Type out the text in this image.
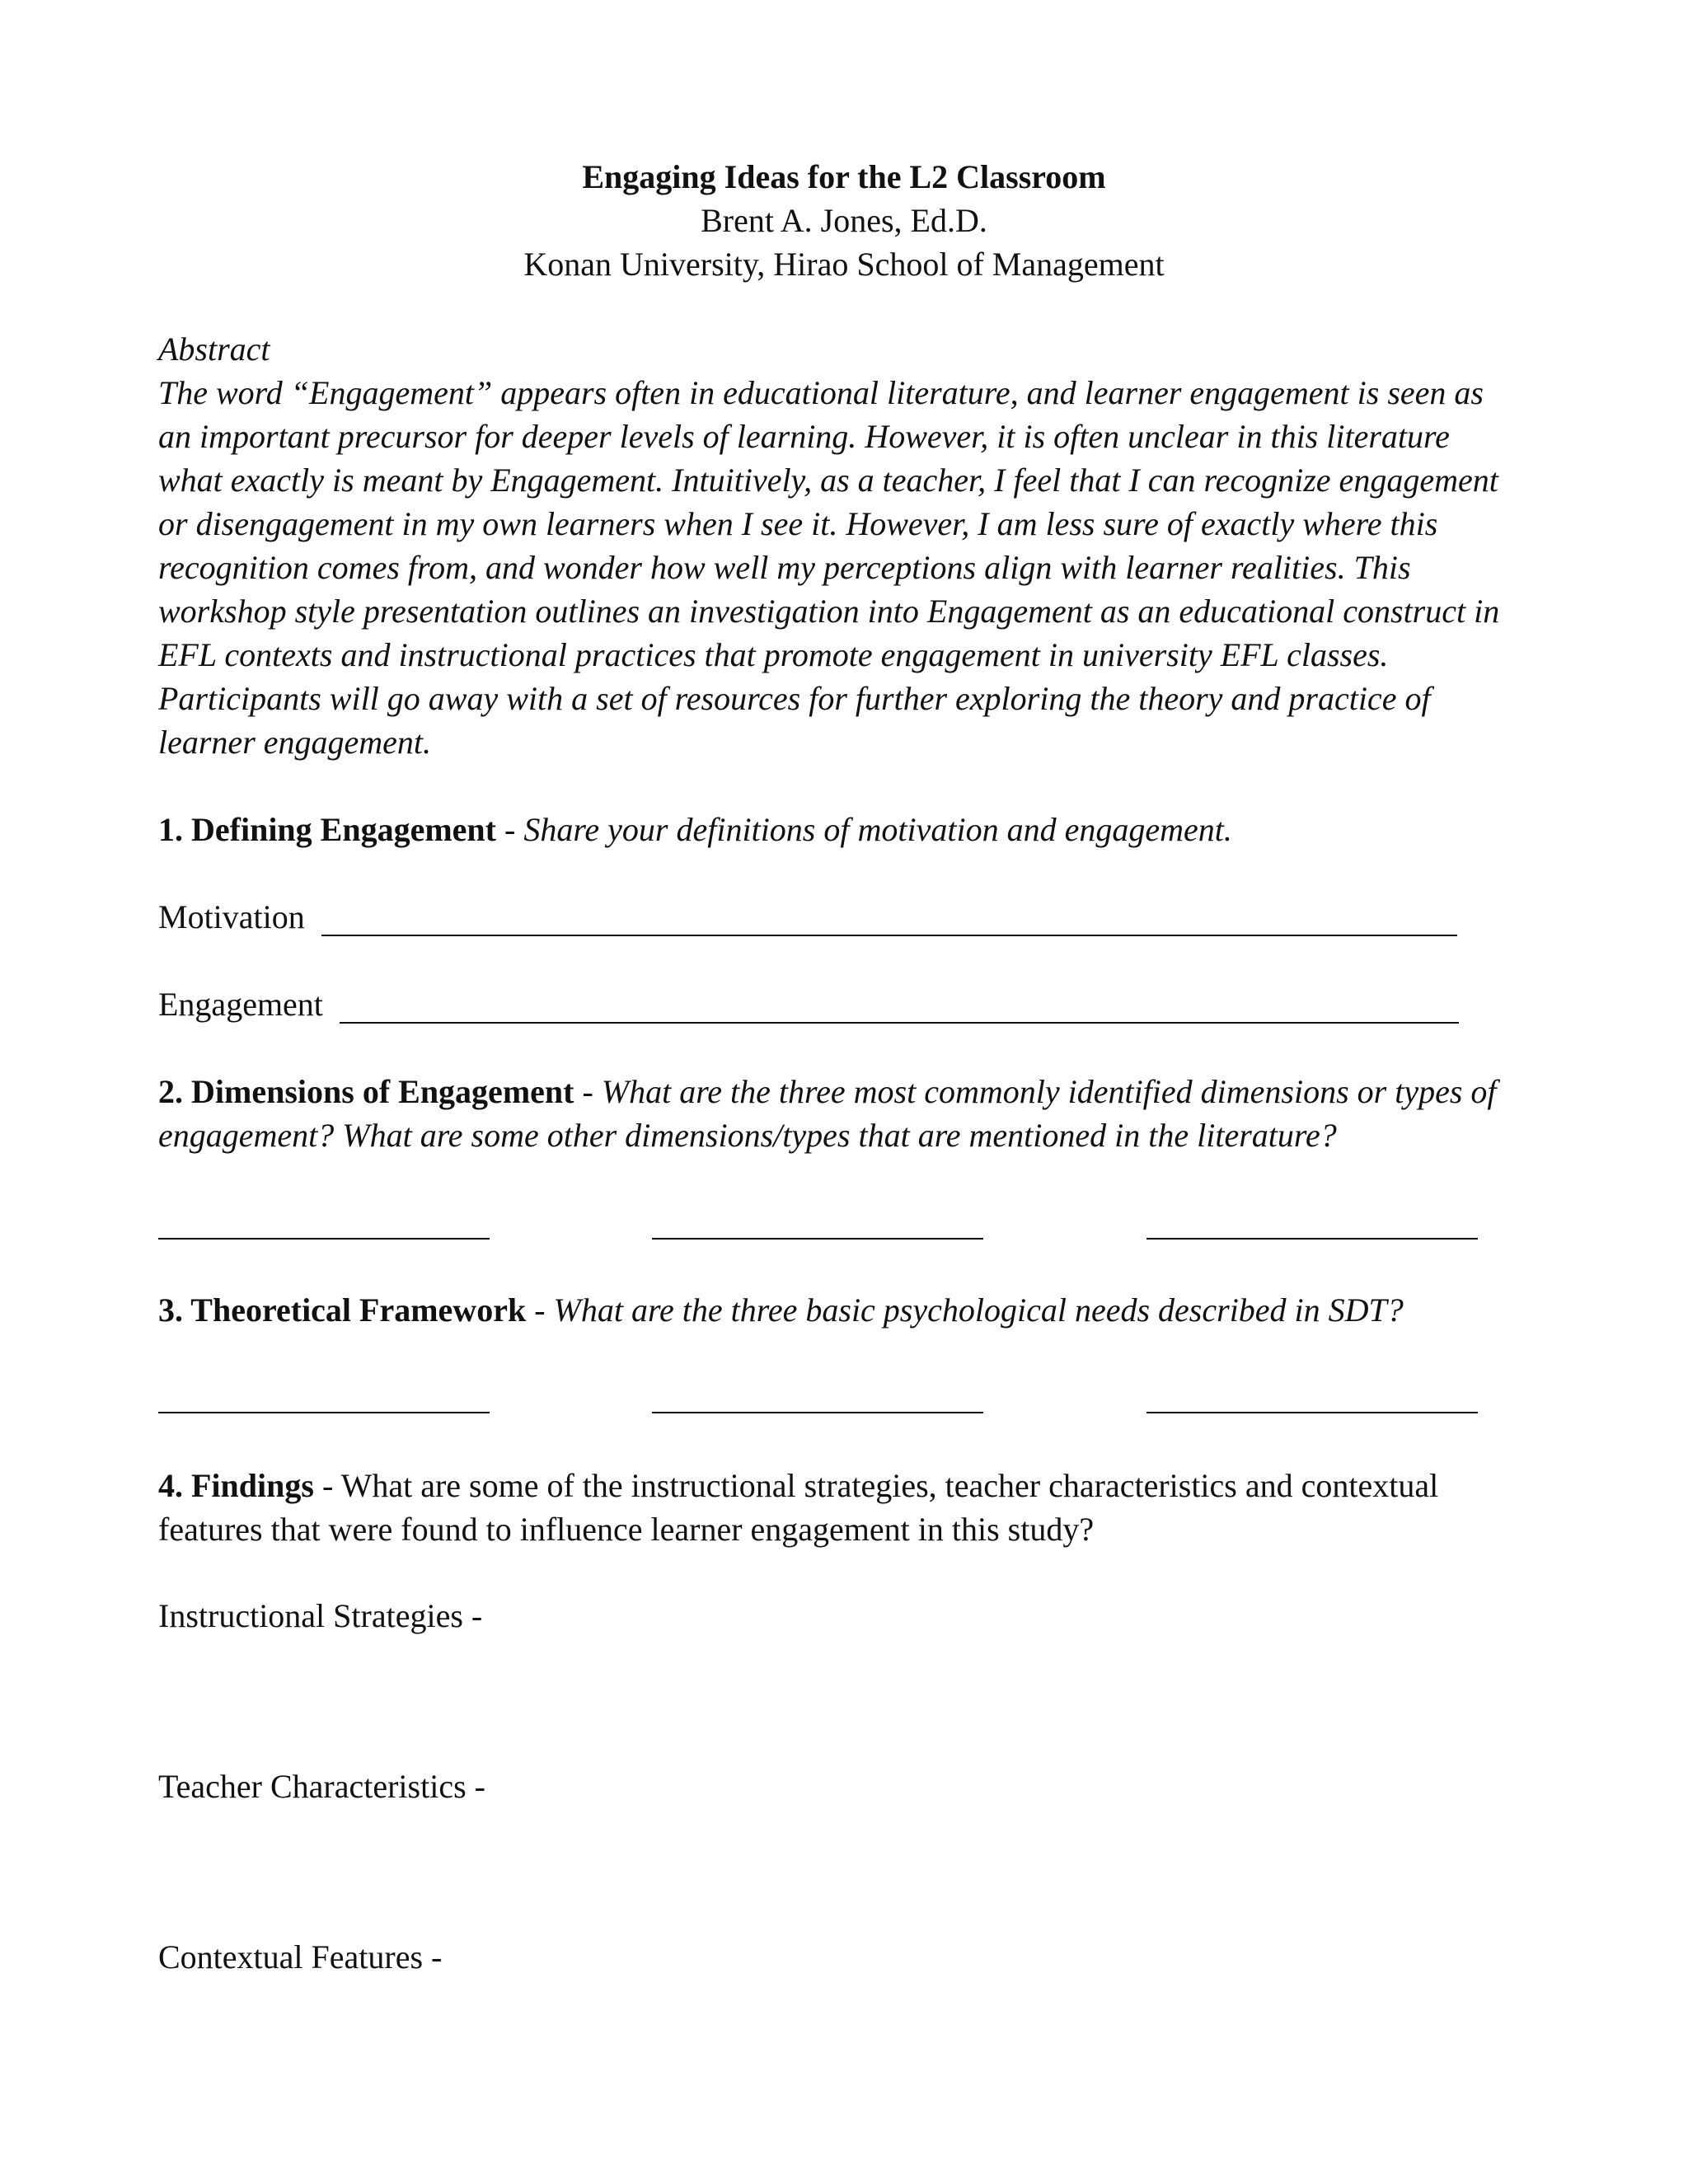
Engaging Ideas for the L2 Classroom
Brent A. Jones, Ed.D.
Konan University, Hirao School of Management
Abstract
The word “Engagement” appears often in educational literature, and learner engagement is seen as
an important precursor for deeper levels of learning. However, it is often unclear in this literature
what exactly is meant by Engagement. Intuitively, as a teacher, I feel that I can recognize engagement
or disengagement in my own learners when I see it. However, I am less sure of exactly where this
recognition comes from, and wonder how well my perceptions align with learner realities. This
workshop style presentation outlines an investigation into Engagement as an educational construct in
EFL contexts and instructional practices that promote engagement in university EFL classes.
Participants will go away with a set of resources for further exploring the theory and practice of
learner engagement.
1. Defining Engagement - Share your definitions of motivation and engagement.
Motivation
Engagement
2. Dimensions of Engagement - What are the three most commonly identified dimensions or types of
engagement? What are some other dimensions/types that are mentioned in the literature?
3. Theoretical Framework - What are the three basic psychological needs described in SDT?
4. Findings - What are some of the instructional strategies, teacher characteristics and contextual
features that were found to influence learner engagement in this study?
Instructional Strategies -
Teacher Characteristics -
Contextual Features -
